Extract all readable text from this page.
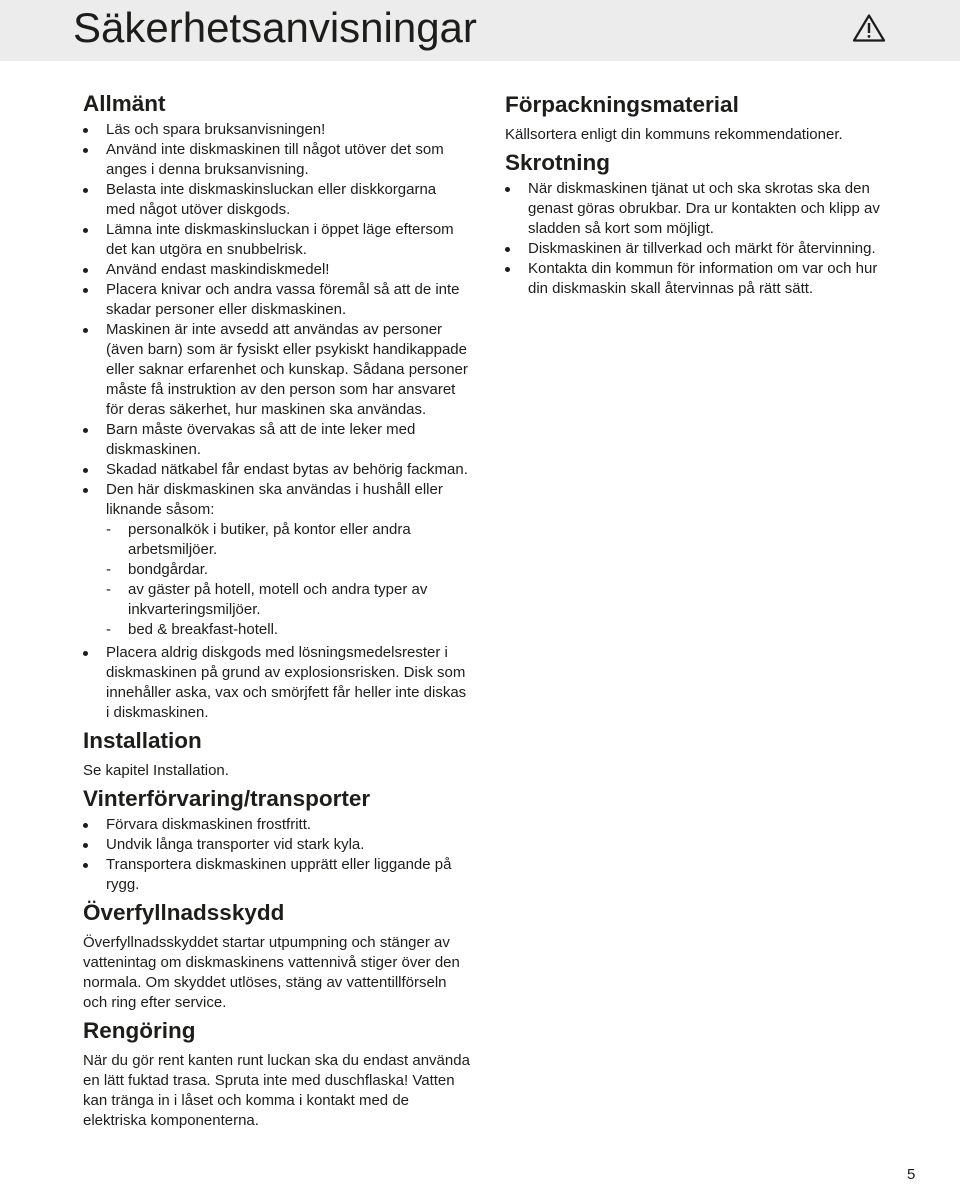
Säkerhetsanvisningar
Allmänt
Läs och spara bruksanvisningen!
Använd inte diskmaskinen till något utöver det som
anges i denna bruksanvisning.
Belasta inte diskmaskinsluckan eller diskkorgarna
med något utöver diskgods.
Lämna inte diskmaskinsluckan i öppet läge eftersom
det kan utgöra en snubbelrisk.
Använd endast maskindiskmedel!
Placera knivar och andra vassa föremål så att de inte
skadar personer eller diskmaskinen.
Maskinen är inte avsedd att användas av personer
(även barn) som är fysiskt eller psykiskt handikappade
eller saknar erfarenhet och kunskap. Sådana personer
måste få instruktion av den person som har ansvaret
för deras säkerhet, hur maskinen ska användas.
Barn måste övervakas så att de inte leker med
diskmaskinen.
Skadad nätkabel får endast bytas av behörig fackman.
Den här diskmaskinen ska användas i hushåll eller
liknande såsom:
- personalkök i butiker, på kontor eller andra
arbetsmiljöer.
- bondgårdar.
- av gäster på hotell, motell och andra typer av
inkvarteringsmiljöer.
- bed & breakfast-hotell.
Placera aldrig diskgods med lösningsmedelsrester i
diskmaskinen på grund av explosionsrisken. Disk som
innehåller aska, vax och smörjfett får heller inte diskas
i diskmaskinen.
Installation

Se kapitel Installation.

Vinterförvaring/transporter
Förvara diskmaskinen frostfritt.
Undvik långa transporter vid stark kyla.
Transportera diskmaskinen upprätt eller liggande på
rygg.
Överfyllnadsskydd

Överfyllnadsskyddet startar utpumpning och stänger av
vattenintag om diskmaskinens vattennivå stiger över den
normala. Om skyddet utlöses, stäng av vattentillförseln
och ring efter service.

Rengöring

När du gör rent kanten runt luckan ska du endast använda
en lätt fuktad trasa. Spruta inte med duschflaska! Vatten
kan tränga in i låset och komma i kontakt med de
elektriska komponenterna.

Förpackningsmaterial

Källsortera enligt din kommuns rekommendationer.

Skrotning
När diskmaskinen tjänat ut och ska skrotas ska den
genast göras obrukbar. Dra ur kontakten och klipp av
sladden så kort som möjligt.
Diskmaskinen är tillverkad och märkt för återvinning.
Kontakta din kommun för information om var och hur
din diskmaskin skall återvinnas på rätt sätt.
5
